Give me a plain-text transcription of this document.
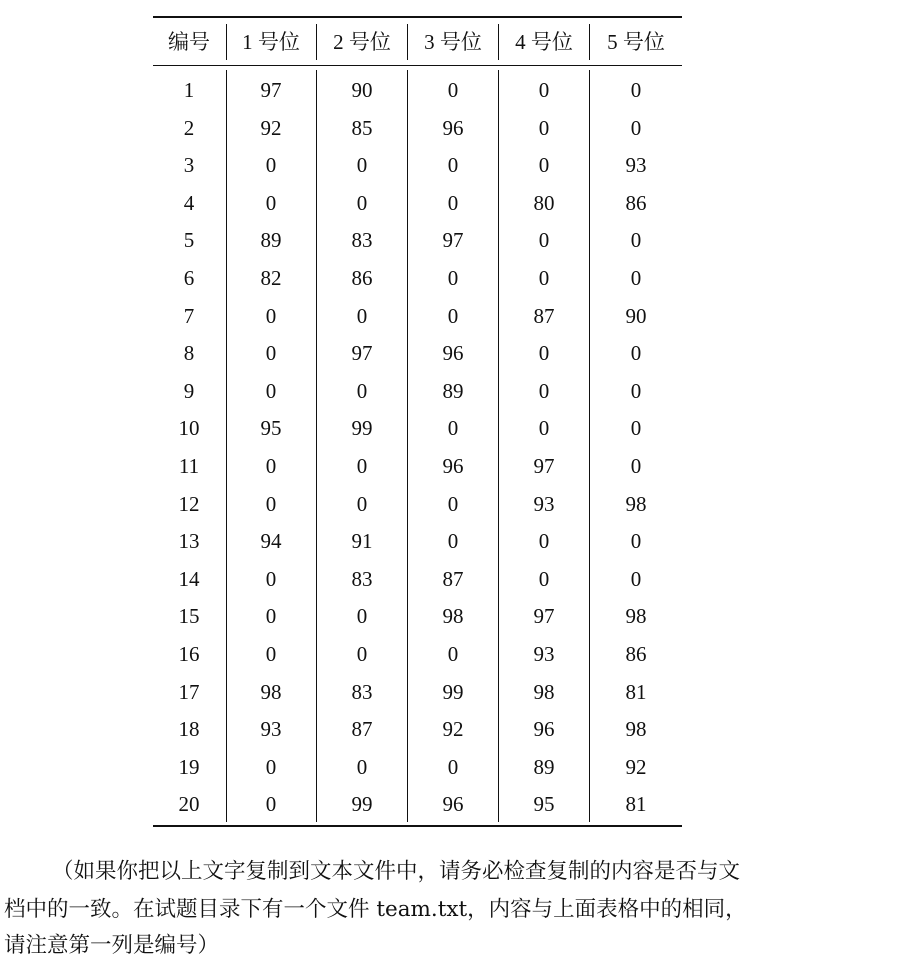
编号	1 号位	2 号位	3 号位	4 号位	5 号位
1	97	90	0	0	0
2	92	85	96	0	0
3	0	0	0	0	93
4	0	0	0	80	86
5	89	83	97	0	0
6	82	86	0	0	0
7	0	0	0	87	90
8	0	97	96	0	0
9	0	0	89	0	0
10	95	99	0	0	0
11	0	0	96	97	0
12	0	0	0	93	98
13	94	91	0	0	0
14	0	83	87	0	0
15	0	0	98	97	98
16	0	0	0	93	86
17	98	83	99	98	81
18	93	87	92	96	98
19	0	0	0	89	92
20	0	99	96	95	81
（如果你把以上文字复制到文本文件中，请务必检查复制的内容是否与文
档中的一致。在试题目录下有一个文件 team.txt，内容与上面表格中的相同，
请注意第一列是编号）
